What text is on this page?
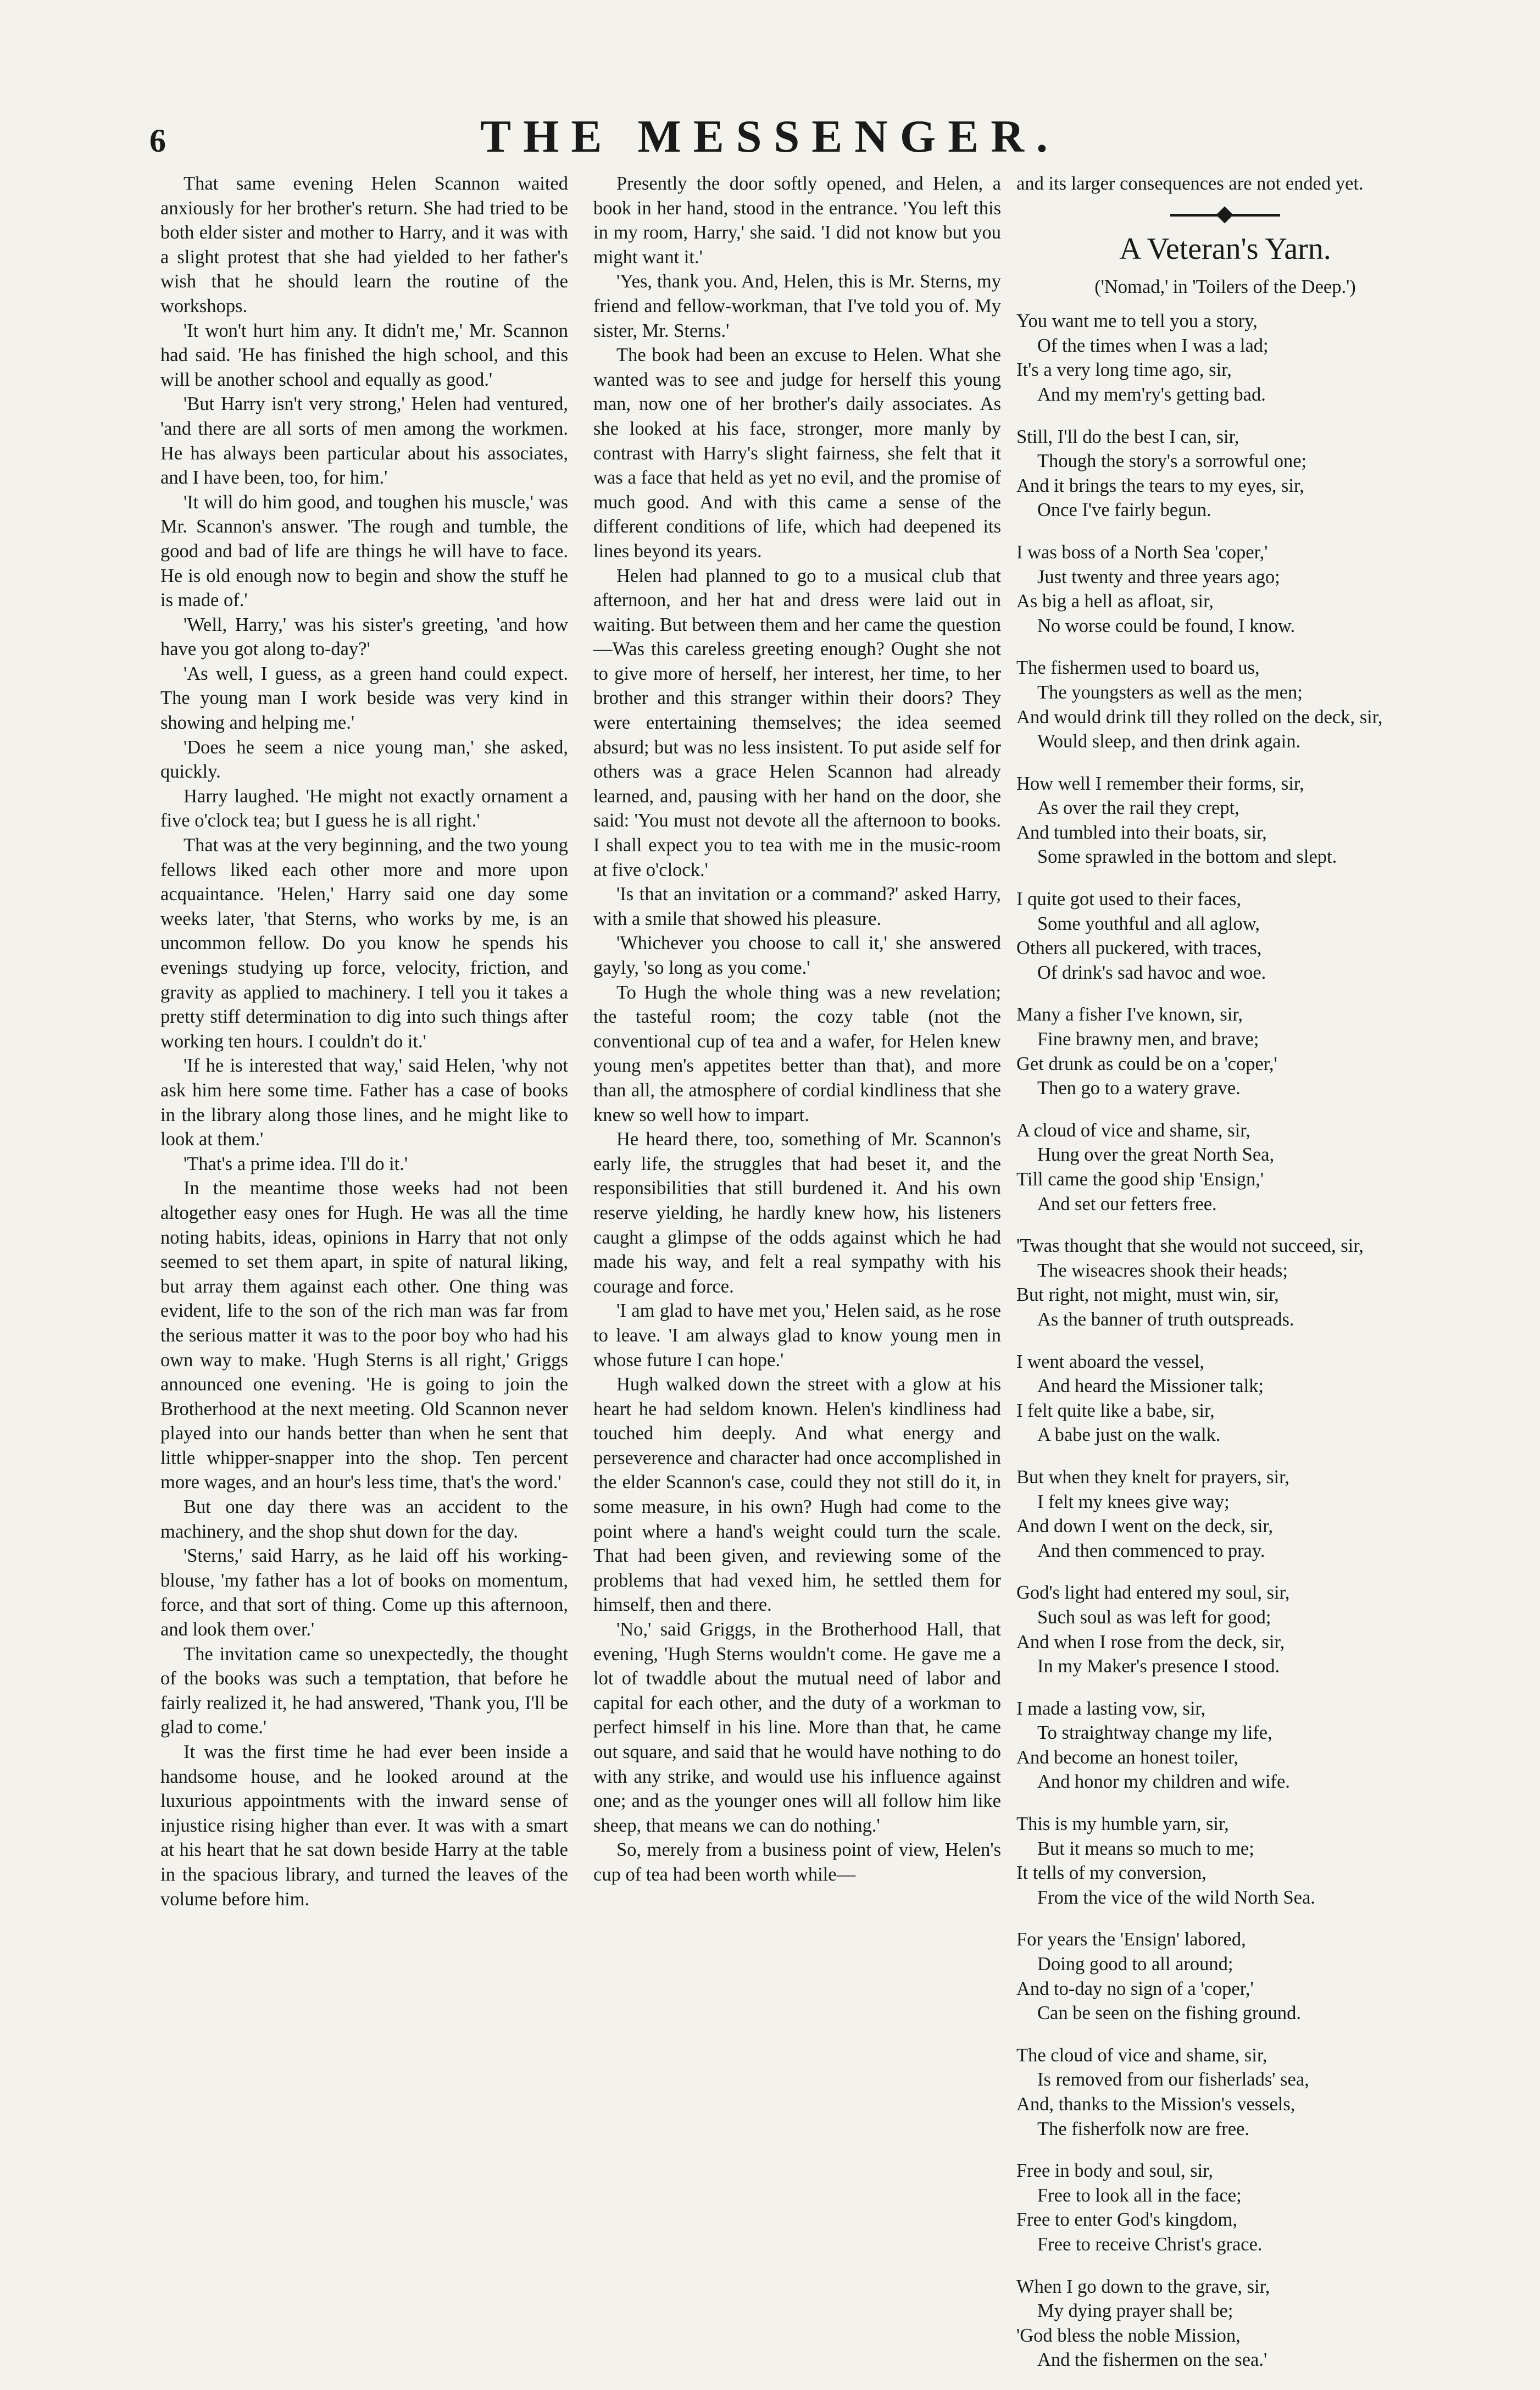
6	THE MESSENGER.

That same evening Helen Scannon waited anxiously for her brother's return. She had tried to be both elder sister and mother to Harry, and it was with a slight protest that she had yielded to her father's wish that he should learn the routine of the workshops.

'It won't hurt him any. It didn't me,' Mr. Scannon had said. 'He has finished the high school, and this will be another school and equally as good.'

'But Harry isn't very strong,' Helen had ventured, 'and there are all sorts of men among the workmen. He has always been particular about his associates, and I have been, too, for him.'

'It will do him good, and toughen his muscle,' was Mr. Scannon's answer. 'The rough and tumble, the good and bad of life are things he will have to face. He is old enough now to begin and show the stuff he is made of.'

'Well, Harry,' was his sister's greeting, 'and how have you got along to-day?'

'As well, I guess, as a green hand could expect. The young man I work beside was very kind in showing and helping me.'

'Does he seem a nice young man,' she asked, quickly.

Harry laughed. 'He might not exactly ornament a five o'clock tea; but I guess he is all right.'

That was at the very beginning, and the two young fellows liked each other more and more upon acquaintance. 'Helen,' Harry said one day some weeks later, 'that Sterns, who works by me, is an uncommon fellow. Do you know he spends his evenings studying up force, velocity, friction, and gravity as applied to machinery. I tell you it takes a pretty stiff determination to dig into such things after working ten hours. I couldn't do it.'

'If he is interested that way,' said Helen, 'why not ask him here some time. Father has a case of books in the library along those lines, and he might like to look at them.'

'That's a prime idea. I'll do it.'

In the meantime those weeks had not been altogether easy ones for Hugh. He was all the time noting habits, ideas, opinions in Harry that not only seemed to set them apart, in spite of natural liking, but array them against each other. One thing was evident, life to the son of the rich man was far from the serious matter it was to the poor boy who had his own way to make. 'Hugh Sterns is all right,' Griggs announced one evening. 'He is going to join the Brotherhood at the next meeting. Old Scannon never played into our hands better than when he sent that little whipper-snapper into the shop. Ten percent more wages, and an hour's less time, that's the word.'

But one day there was an accident to the machinery, and the shop shut down for the day.

'Sterns,' said Harry, as he laid off his working-blouse, 'my father has a lot of books on momentum, force, and that sort of thing. Come up this afternoon, and look them over.'

The invitation came so unexpectedly, the thought of the books was such a temptation, that before he fairly realized it, he had answered, 'Thank you, I'll be glad to come.'

It was the first time he had ever been inside a handsome house, and he looked around at the luxurious appointments with the inward sense of injustice rising higher than ever. It was with a smart at his heart that he sat down beside Harry at the table in the spacious library, and turned the leaves of the volume before him.

Presently the door softly opened, and Helen, a book in her hand, stood in the entrance. 'You left this in my room, Harry,' she said. 'I did not know but you might want it.'

'Yes, thank you. And, Helen, this is Mr. Sterns, my friend and fellow-workman, that I've told you of. My sister, Mr. Sterns.'

The book had been an excuse to Helen. What she wanted was to see and judge for herself this young man, now one of her brother's daily associates. As she looked at his face, stronger, more manly by contrast with Harry's slight fairness, she felt that it was a face that held as yet no evil, and the promise of much good. And with this came a sense of the different conditions of life, which had deepened its lines beyond its years.

Helen had planned to go to a musical club that afternoon, and her hat and dress were laid out in waiting. But between them and her came the question—Was this careless greeting enough? Ought she not to give more of herself, her interest, her time, to her brother and this stranger within their doors? They were entertaining themselves; the idea seemed absurd; but was no less insistent. To put aside self for others was a grace Helen Scannon had already learned, and, pausing with her hand on the door, she said: 'You must not devote all the afternoon to books. I shall expect you to tea with me in the music-room at five o'clock.'

'Is that an invitation or a command?' asked Harry, with a smile that showed his pleasure.

'Whichever you choose to call it,' she answered gayly, 'so long as you come.'

To Hugh the whole thing was a new revelation; the tasteful room; the cozy table (not the conventional cup of tea and a wafer, for Helen knew young men's appetites better than that), and more than all, the atmosphere of cordial kindliness that she knew so well how to impart.

He heard there, too, something of Mr. Scannon's early life, the struggles that had beset it, and the responsibilities that still burdened it. And his own reserve yielding, he hardly knew how, his listeners caught a glimpse of the odds against which he had made his way, and felt a real sympathy with his courage and force.

'I am glad to have met you,' Helen said, as he rose to leave. 'I am always glad to know young men in whose future I can hope.'

Hugh walked down the street with a glow at his heart he had seldom known. Helen's kindliness had touched him deeply. And what energy and perseverence and character had once accomplished in the elder Scannon's case, could they not still do it, in some measure, in his own? Hugh had come to the point where a hand's weight could turn the scale. That had been given, and reviewing some of the problems that had vexed him, he settled them for himself, then and there.

'No,' said Griggs, in the Brotherhood Hall, that evening, 'Hugh Sterns wouldn't come. He gave me a lot of twaddle about the mutual need of labor and capital for each other, and the duty of a workman to perfect himself in his line. More than that, he came out square, and said that he would have nothing to do with any strike, and would use his influence against one; and as the younger ones will all follow him like sheep, that means we can do nothing.'

So, merely from a business point of view, Helen's cup of tea had been worth while—

and its larger consequences are not ended yet.

A Veteran's Yarn.
('Nomad,' in 'Toilers of the Deep.')
You want me to tell you a story,
Of the times when I was a lad;
It's a very long time ago, sir,
And my mem'ry's getting bad.
Still, I'll do the best I can, sir,
Though the story's a sorrowful one;
And it brings the tears to my eyes, sir,
Once I've fairly begun.
I was boss of a North Sea 'coper,'
Just twenty and three years ago;
As big a hell as afloat, sir,
No worse could be found, I know.
The fishermen used to board us,
The youngsters as well as the men;
And would drink till they rolled on the deck, sir,
Would sleep, and then drink again.
How well I remember their forms, sir,
As over the rail they crept,
And tumbled into their boats, sir,
Some sprawled in the bottom and slept.
I quite got used to their faces,
Some youthful and all aglow,
Others all puckered, with traces,
Of drink's sad havoc and woe.
Many a fisher I've known, sir,
Fine brawny men, and brave;
Get drunk as could be on a 'coper,'
Then go to a watery grave.
A cloud of vice and shame, sir,
Hung over the great North Sea,
Till came the good ship 'Ensign,'
And set our fetters free.
'Twas thought that she would not succeed, sir,
The wiseacres shook their heads;
But right, not might, must win, sir,
As the banner of truth outspreads.
I went aboard the vessel,
And heard the Missioner talk;
I felt quite like a babe, sir,
A babe just on the walk.
But when they knelt for prayers, sir,
I felt my knees give way;
And down I went on the deck, sir,
And then commenced to pray.
God's light had entered my soul, sir,
Such soul as was left for good;
And when I rose from the deck, sir,
In my Maker's presence I stood.
I made a lasting vow, sir,
To straightway change my life,
And become an honest toiler,
And honor my children and wife.
This is my humble yarn, sir,
But it means so much to me;
It tells of my conversion,
From the vice of the wild North Sea.
For years the 'Ensign' labored,
Doing good to all around;
And to-day no sign of a 'coper,'
Can be seen on the fishing ground.
The cloud of vice and shame, sir,
Is removed from our fisherlads' sea,
And, thanks to the Mission's vessels,
The fisherfolk now are free.
Free in body and soul, sir,
Free to look all in the face;
Free to enter God's kingdom,
Free to receive Christ's grace.
When I go down to the grave, sir,
My dying prayer shall be;
'God bless the noble Mission,
And the fishermen on the sea.'
